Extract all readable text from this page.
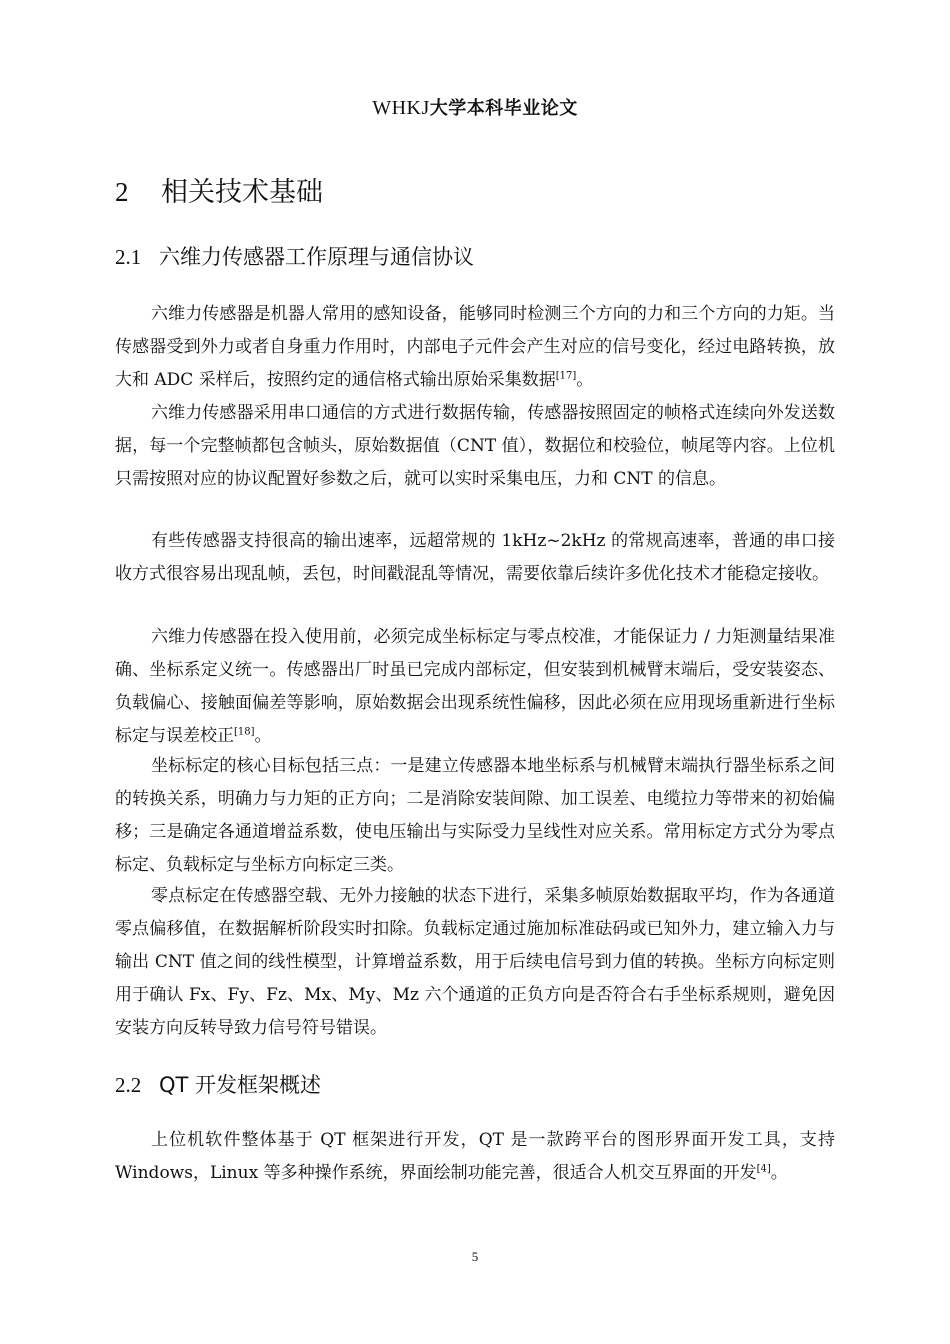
WHKJ大学本科毕业论文
2 相关技术基础
2.1 六维力传感器工作原理与通信协议

六维力传感器是机器人常用的感知设备，能够同时检测三个方向的力和三个方向的力矩。当传感器受到外力或者自身重力作用时，内部电子元件会产生对应的信号变化，经过电路转换，放大和 ADC 采样后，按照约定的通信格式输出原始采集数据[17]。

六维力传感器采用串口通信的方式进行数据传输，传感器按照固定的帧格式连续向外发送数据，每一个完整帧都包含帧头，原始数据值（CNT 值），数据位和校验位，帧尾等内容。上位机只需按照对应的协议配置好参数之后，就可以实时采集电压，力和 CNT 的信息。

有些传感器支持很高的输出速率，远超常规的 1kHz~2kHz 的常规高速率，普通的串口接收方式很容易出现乱帧，丢包，时间戳混乱等情况，需要依靠后续许多优化技术才能稳定接收。

六维力传感器在投入使用前，必须完成坐标标定与零点校准，才能保证力 / 力矩测量结果准确、坐标系定义统一。传感器出厂时虽已完成内部标定，但安装到机械臂末端后，受安装姿态、负载偏心、接触面偏差等影响，原始数据会出现系统性偏移，因此必须在应用现场重新进行坐标标定与误差校正[18]。

坐标标定的核心目标包括三点：一是建立传感器本地坐标系与机械臂末端执行器坐标系之间的转换关系，明确力与力矩的正方向；二是消除安装间隙、加工误差、电缆拉力等带来的初始偏移；三是确定各通道增益系数，使电压输出与实际受力呈线性对应关系。常用标定方式分为零点标定、负载标定与坐标方向标定三类。

零点标定在传感器空载、无外力接触的状态下进行，采集多帧原始数据取平均，作为各通道零点偏移值，在数据解析阶段实时扣除。负载标定通过施加标准砝码或已知外力，建立输入力与输出 CNT 值之间的线性模型，计算增益系数，用于后续电信号到力值的转换。坐标方向标定则用于确认 Fx、Fy、Fz、Mx、My、Mz 六个通道的正负方向是否符合右手坐标系规则，避免因安装方向反转导致力信号符号错误。

2.2 QT 开发框架概述

上位机软件整体基于 QT 框架进行开发，QT 是一款跨平台的图形界面开发工具，支持 Windows，Linux 等多种操作系统，界面绘制功能完善，很适合人机交互界面的开发[4]。

5
